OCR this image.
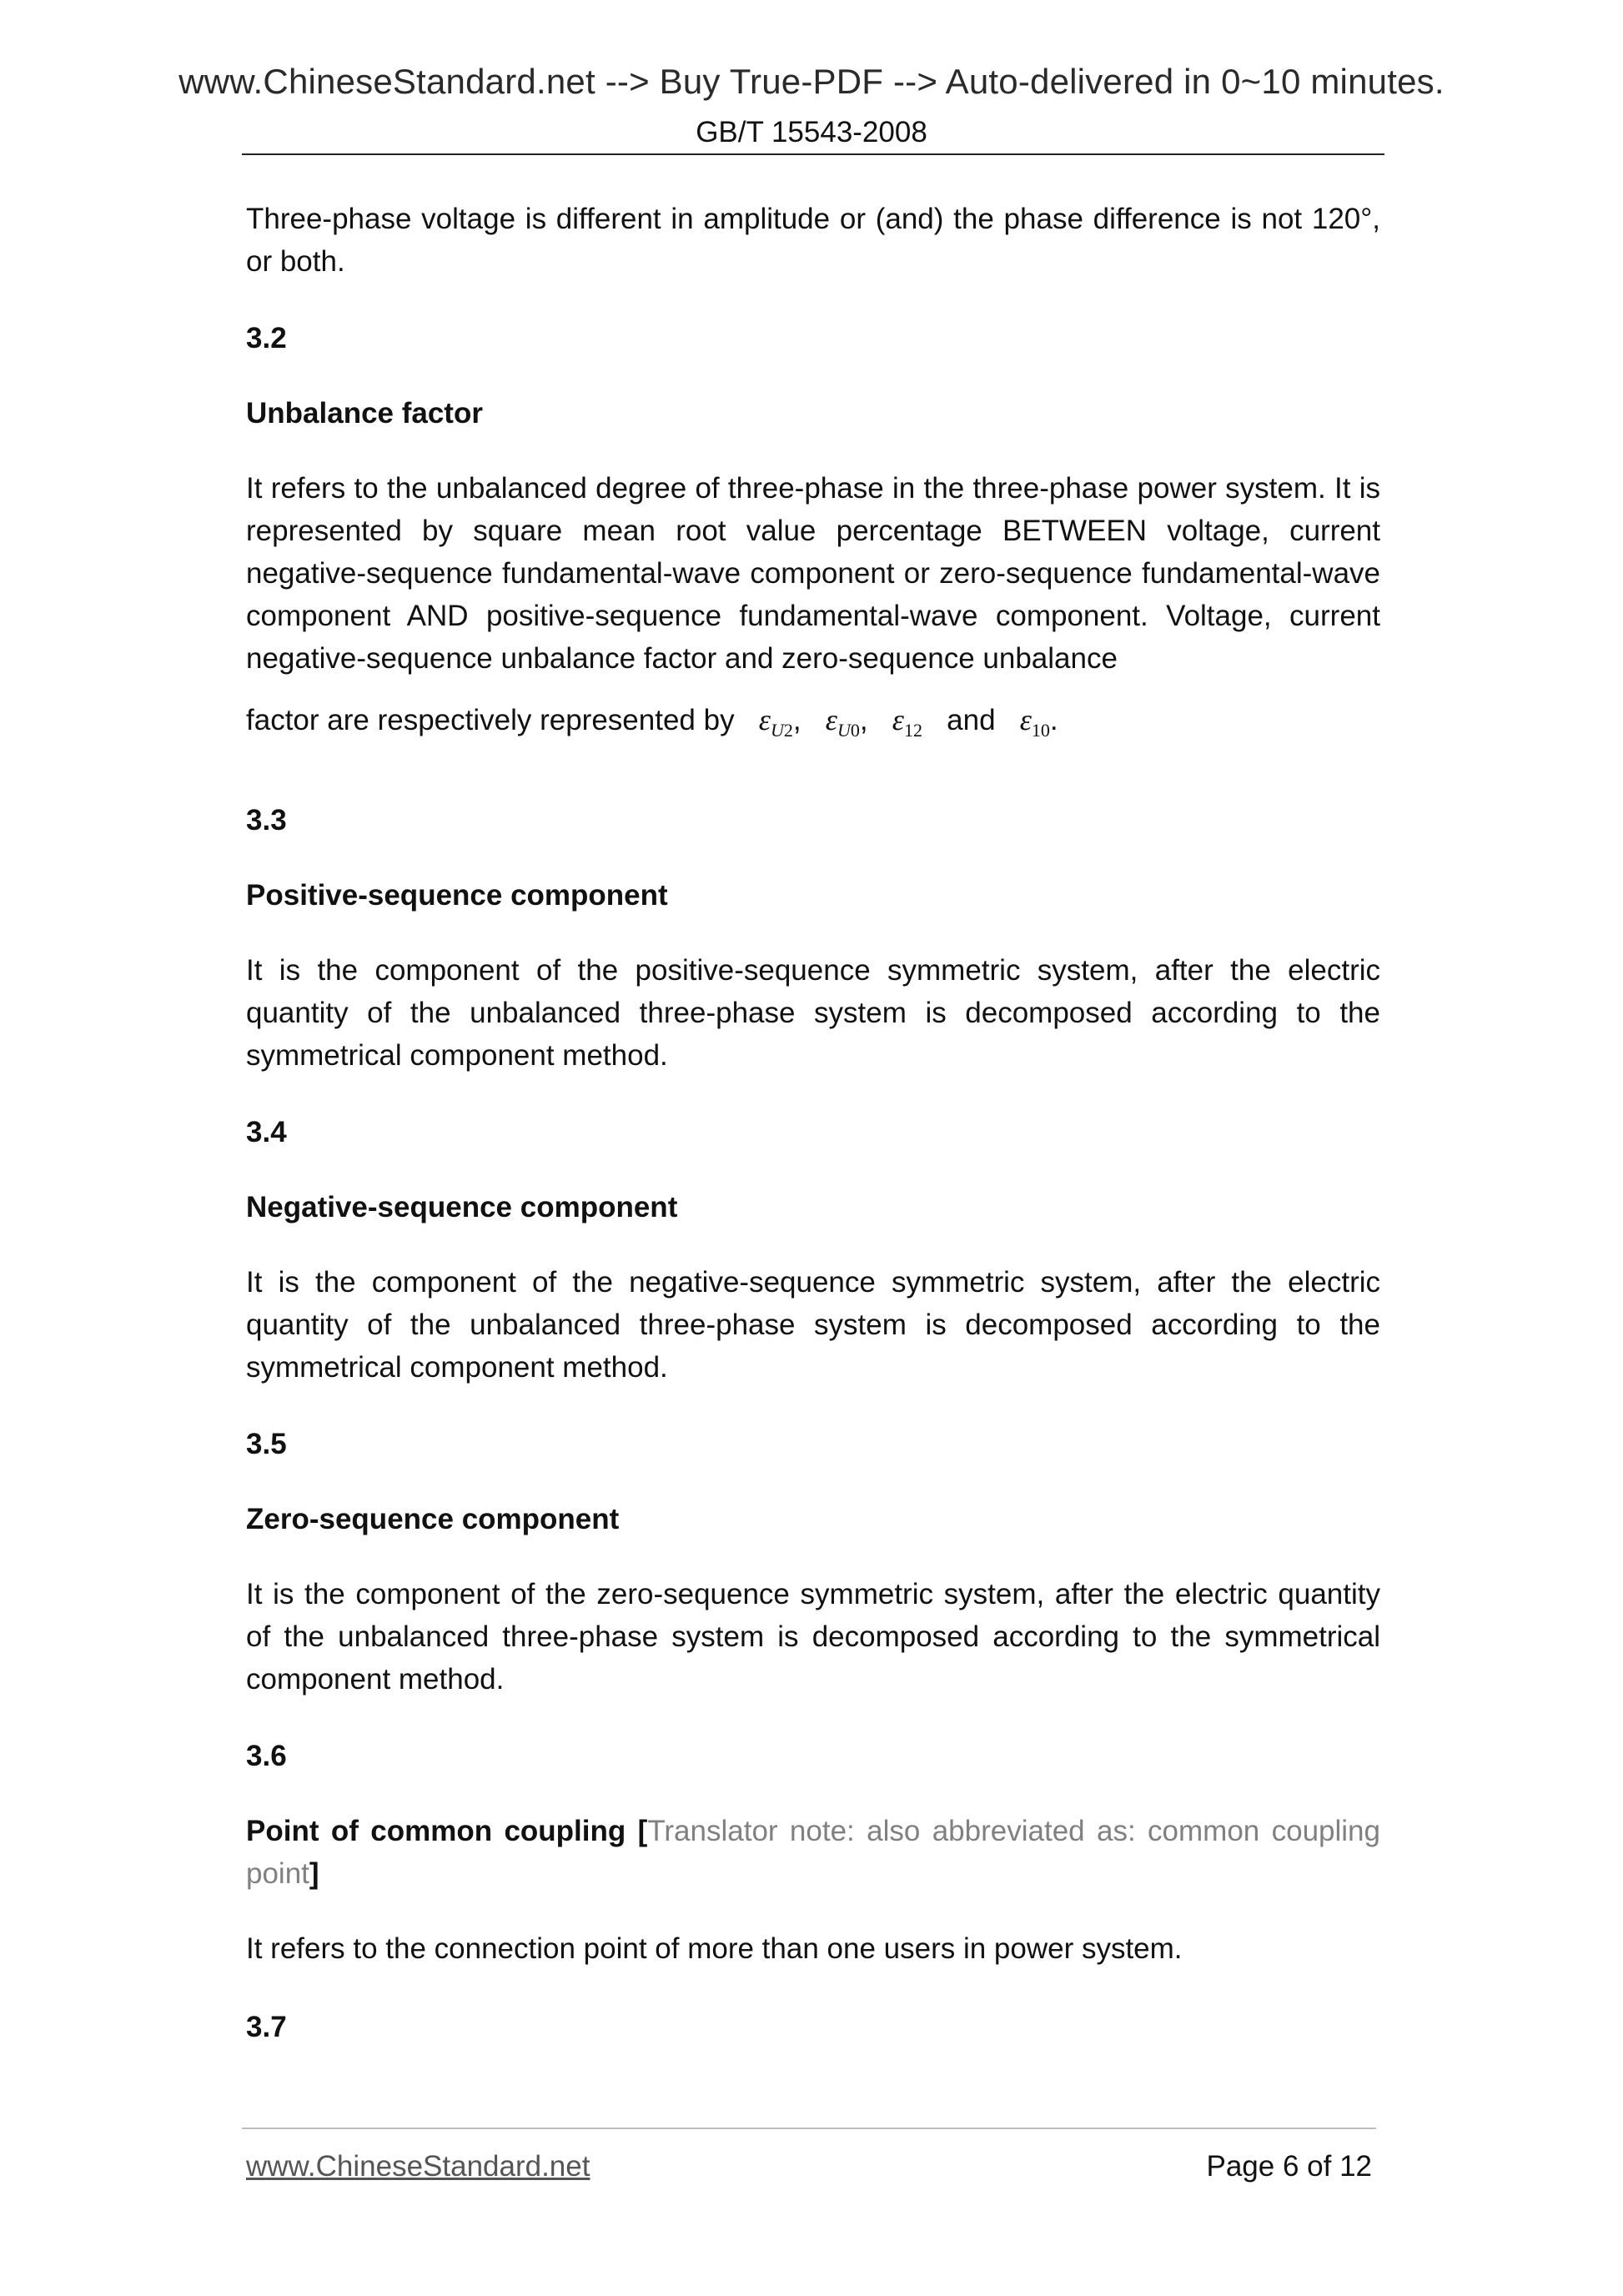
www.ChineseStandard.net --> Buy True-PDF --> Auto-delivered in 0~10 minutes.
GB/T 15543-2008

Three-phase voltage is different in amplitude or (and) the phase difference is not 120°, or both.

3.2

Unbalance factor

It refers to the unbalanced degree of three-phase in the three-phase power system. It is represented by square mean root value percentage BETWEEN voltage, current negative-sequence fundamental-wave component or zero-sequence fundamental-wave component AND positive-sequence fundamental-wave component. Voltage, current negative-sequence unbalance factor and zero-sequence unbalance

factor are respectively represented by $\varepsilon_{U2}$, $\varepsilon_{U0}$, $\varepsilon_{12}$ and $\varepsilon_{10}$.

3.3

Positive-sequence component

It is the component of the positive-sequence symmetric system, after the electric quantity of the unbalanced three-phase system is decomposed according to the symmetrical component method.

3.4

Negative-sequence component

It is the component of the negative-sequence symmetric system, after the electric quantity of the unbalanced three-phase system is decomposed according to the symmetrical component method.

3.5

Zero-sequence component

It is the component of the zero-sequence symmetric system, after the electric quantity of the unbalanced three-phase system is decomposed according to the symmetrical component method.

3.6

Point of common coupling [Translator note: also abbreviated as: common coupling point]

It refers to the connection point of more than one users in power system.

3.7

www.ChineseStandard.net	Page 6 of 12
